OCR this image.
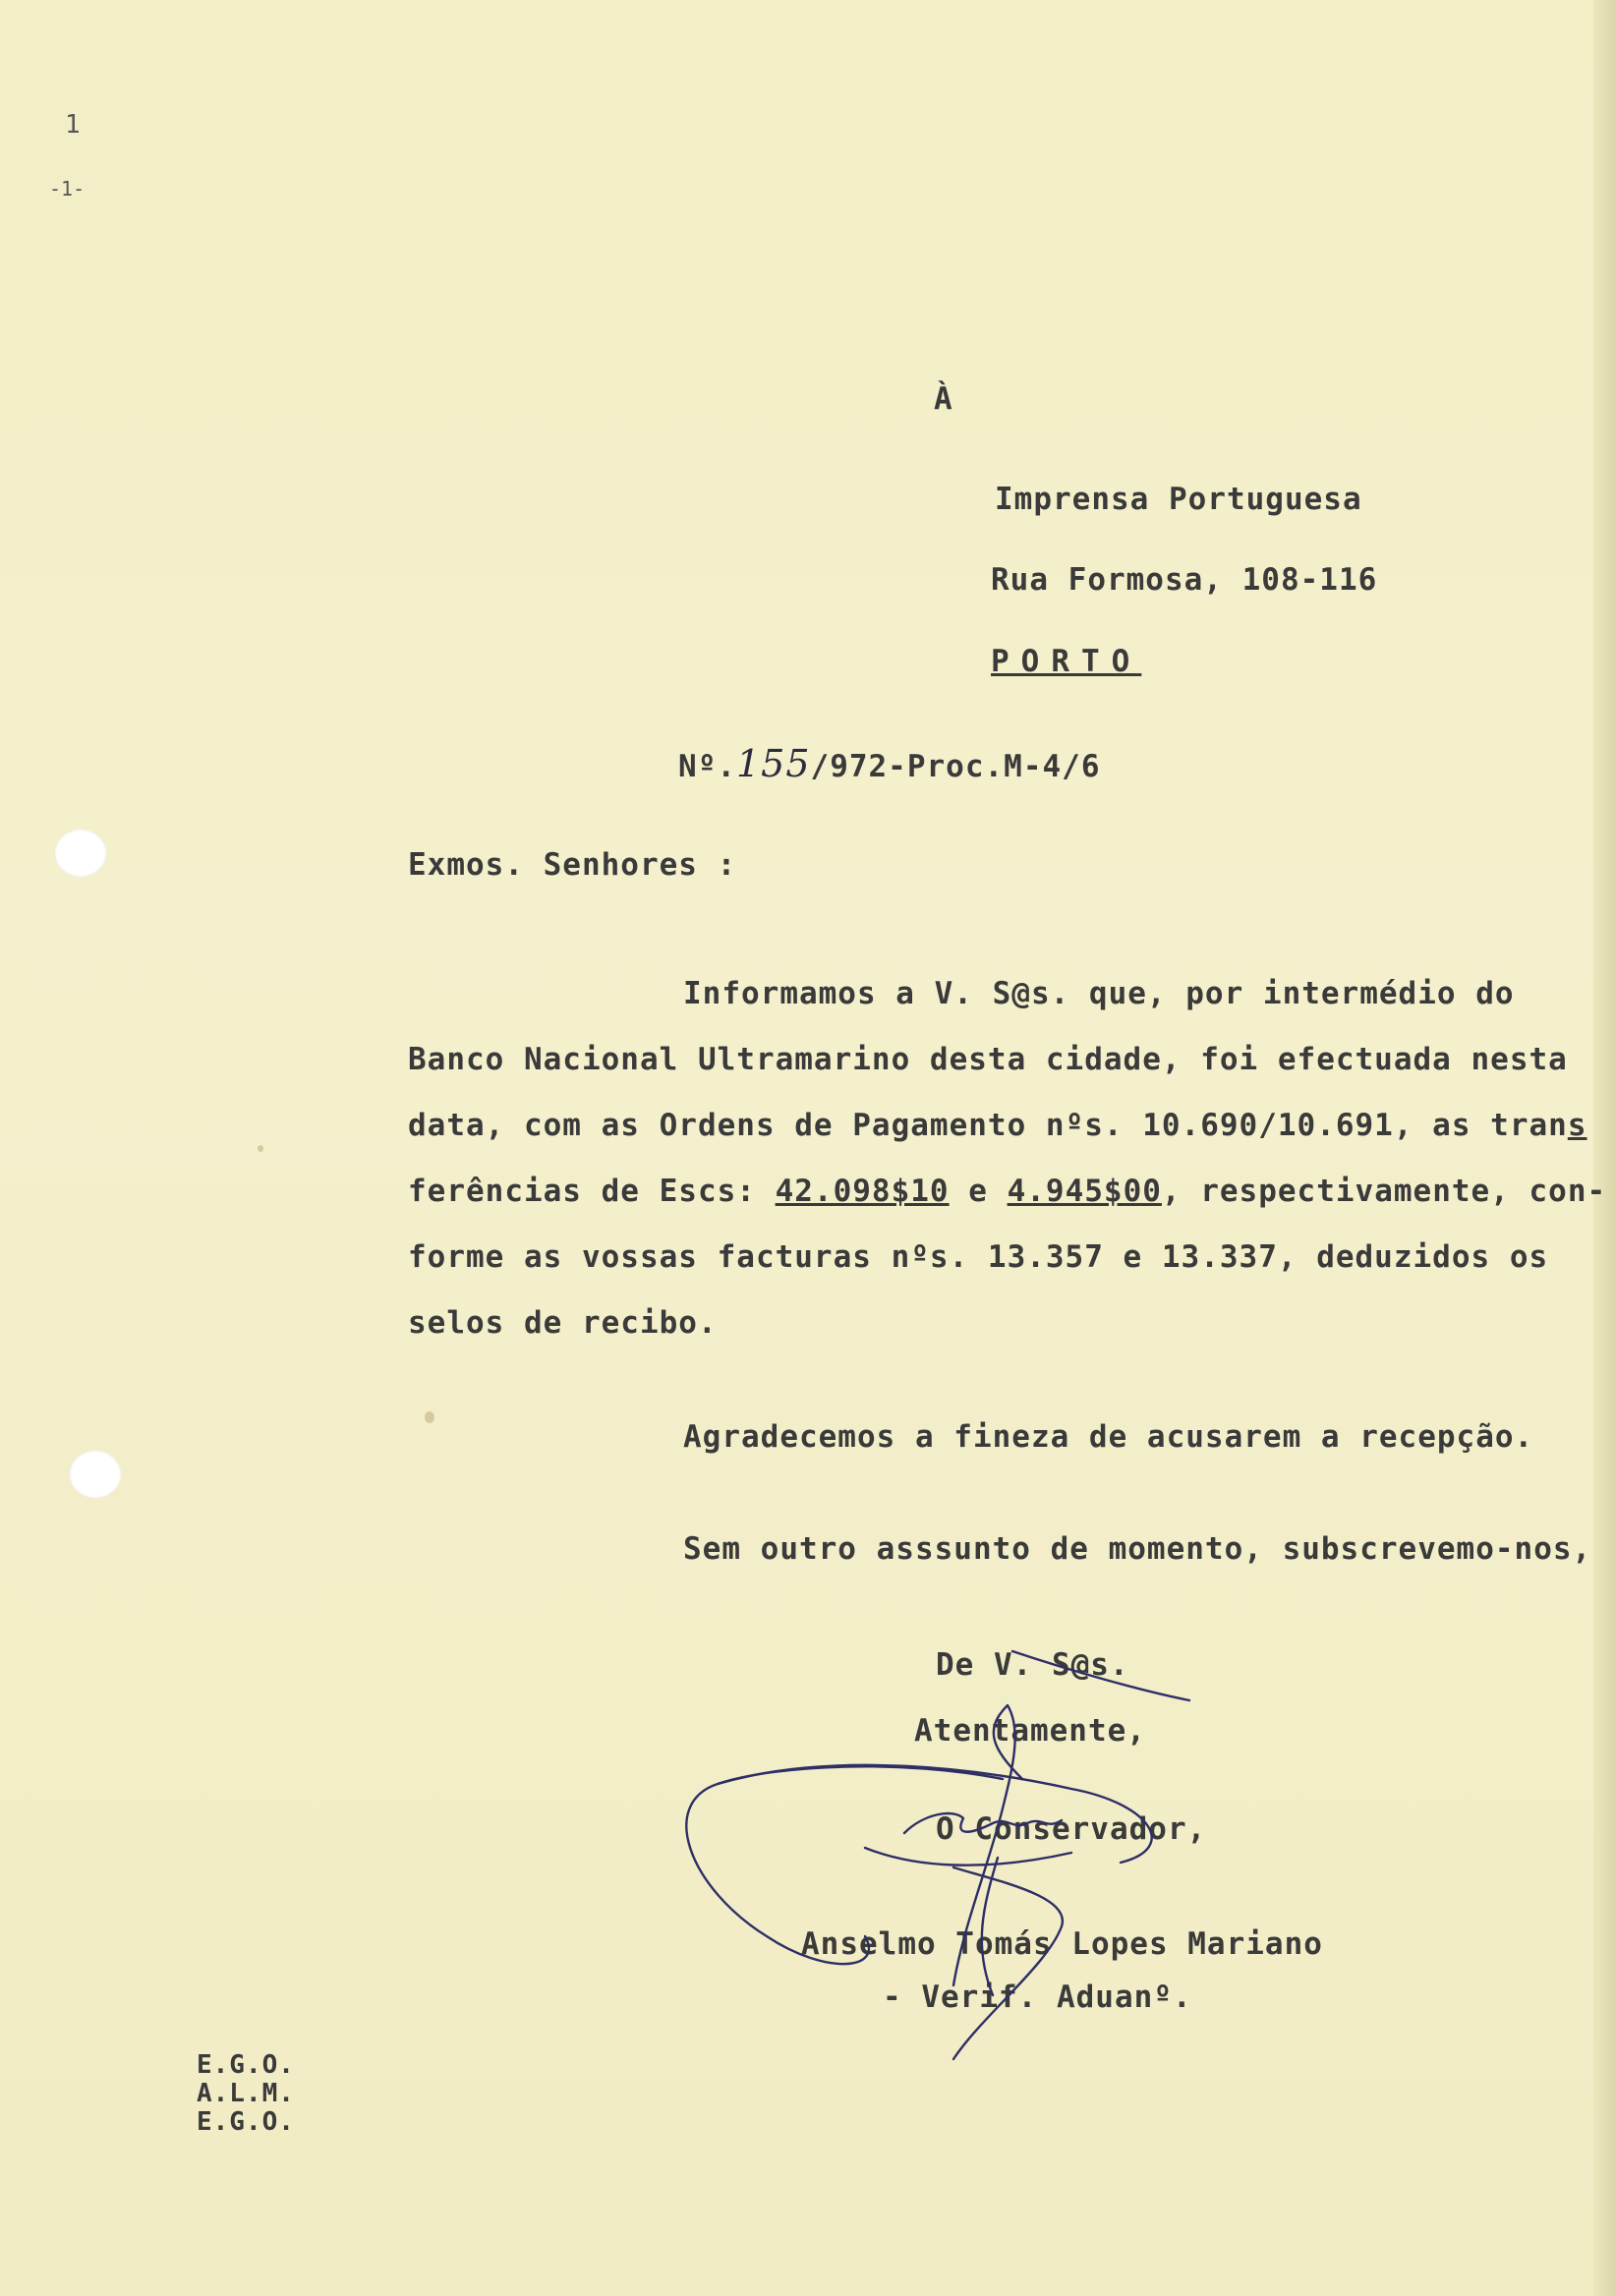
1
-1-
À
Imprensa Portuguesa
Rua Formosa, 108-116
PORTO
Nº.155/972-Proc.M-4/6
Exmos. Senhores :
Informamos a V. S@s. que, por intermédio do
Banco Nacional Ultramarino desta cidade, foi efectuada nesta
data, com as Ordens de Pagamento nºs. 10.690/10.691, as trans
ferências de Escs: 42.098$10 e 4.945$00, respectivamente, con-
forme as vossas facturas nºs. 13.357 e 13.337, deduzidos os
selos de recibo.
Agradecemos a fineza de acusarem a recepção.
Sem outro asssunto de momento, subscrevemo-nos,
De V. S@s.
Atentamente,
O Conservador,
Anselmo Tomás Lopes Mariano
- Verif. Aduanº.
E.G.O.
A.L.M.
E.G.O.
